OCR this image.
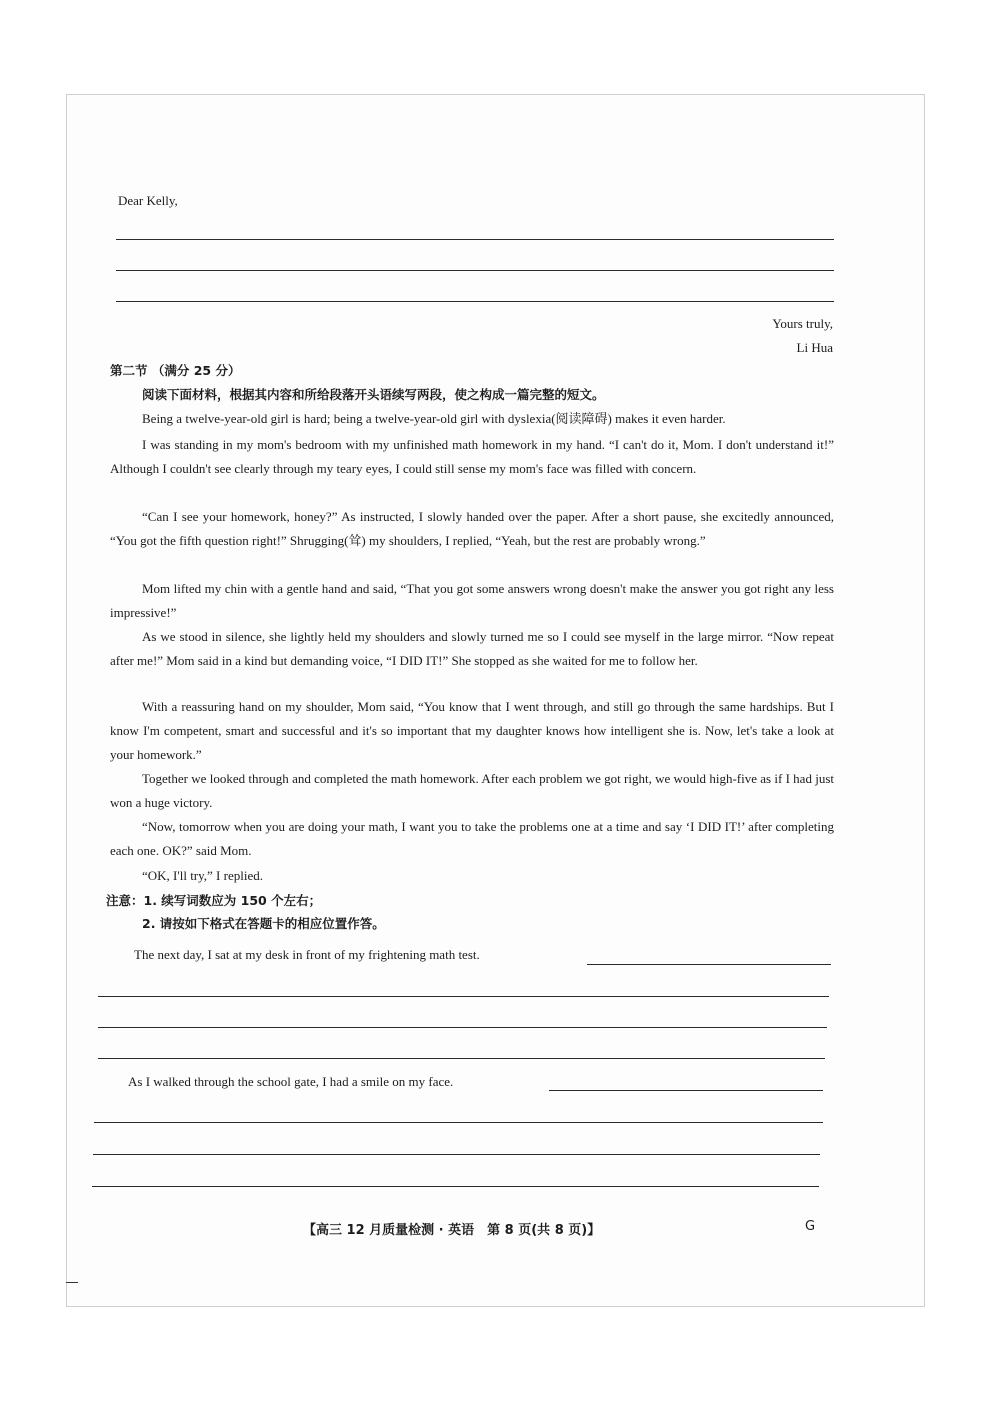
Dear Kelly,
Yours truly,
Li Hua
第二节 （满分 25 分）
阅读下面材料，根据其内容和所给段落开头语续写两段，使之构成一篇完整的短文。

Being a twelve-year-old girl is hard; being a twelve-year-old girl with dyslexia(阅读障碍) makes it even harder.

I was standing in my mom's bedroom with my unfinished math homework in my hand. “I can't do it, Mom. I don't understand it!” Although I couldn't see clearly through my teary eyes, I could still sense my mom's face was filled with concern.

“Can I see your homework, honey?” As instructed, I slowly handed over the paper. After a short pause, she excitedly announced, “You got the fifth question right!” Shrugging(耸) my shoulders, I replied, “Yeah, but the rest are probably wrong.”

Mom lifted my chin with a gentle hand and said, “That you got some answers wrong doesn't make the answer you got right any less impressive!”

As we stood in silence, she lightly held my shoulders and slowly turned me so I could see myself in the large mirror. “Now repeat after me!” Mom said in a kind but demanding voice, “I DID IT!” She stopped as she waited for me to follow her.

With a reassuring hand on my shoulder, Mom said, “You know that I went through, and still go through the same hardships. But I know I'm competent, smart and successful and it's so important that my daughter knows how intelligent she is. Now, let's take a look at your homework.”

Together we looked through and completed the math homework. After each problem we got right, we would high-five as if I had just won a huge victory.

“Now, tomorrow when you are doing your math, I want you to take the problems one at a time and say ‘I DID IT!’ after completing each one. OK?” said Mom.

“OK, I'll try,” I replied.

注意：1. 续写词数应为 150 个左右；
2. 请按如下格式在答题卡的相应位置作答。
The next day, I sat at my desk in front of my frightening math test.
As I walked through the school gate, I had a smile on my face.
【高三 12 月质量检测 · 英语　第 8 页(共 8 页)】	G
